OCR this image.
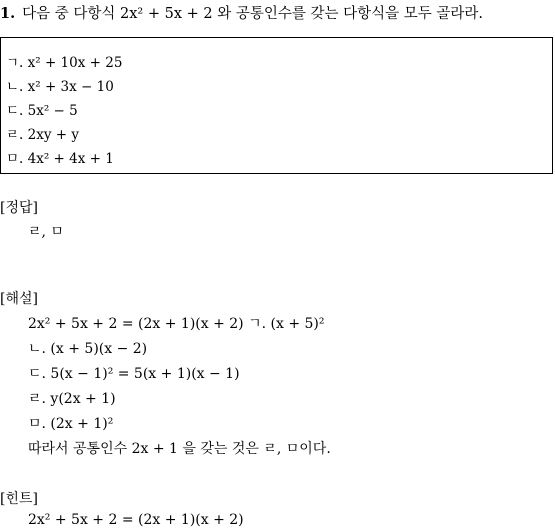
1. 다음 중 다항식 2x² + 5x + 2 와 공통인수를 갖는 다항식을 모두 골라라.
ㄱ. x² + 10x + 25
ㄴ. x² + 3x − 10
ㄷ. 5x² − 5
ㄹ. 2xy + y
ㅁ. 4x² + 4x + 1
[정답]
ㄹ, ㅁ
[해설]
2x² + 5x + 2 = (2x + 1)(x + 2) ㄱ. (x + 5)²
ㄴ. (x + 5)(x − 2)
ㄷ. 5(x − 1)² = 5(x + 1)(x − 1)
ㄹ. y(2x + 1)
ㅁ. (2x + 1)²
따라서 공통인수 2x + 1 을 갖는 것은 ㄹ, ㅁ이다.
[힌트]
2x² + 5x + 2 = (2x + 1)(x + 2)
